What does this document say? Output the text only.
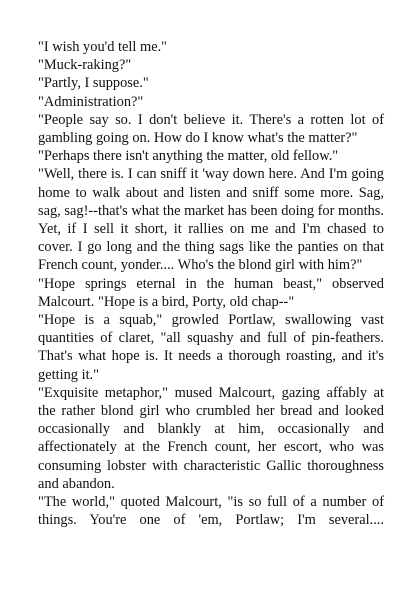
"I wish you'd tell me."

"Muck-raking?"

"Partly, I suppose."

"Administration?"

"People say so. I don't believe it. There's a rotten lot of gambling going on. How do I know what's the matter?"

"Perhaps there isn't anything the matter, old fellow."

"Well, there is. I can sniff it 'way down here. And I'm going home to walk about and listen and sniff some more. Sag, sag, sag!--that's what the market has been doing for months. Yet, if I sell it short, it rallies on me and I'm chased to cover. I go long and the thing sags like the panties on that French count, yonder.... Who's the blond girl with him?"

"Hope springs eternal in the human beast," observed Malcourt. "Hope is a bird, Porty, old chap--"

"Hope is a squab," growled Portlaw, swallowing vast quantities of claret, "all squashy and full of pin-feathers. That's what hope is. It needs a thorough roasting, and it's getting it."

"Exquisite metaphor," mused Malcourt, gazing affably at the rather blond girl who crumbled her bread and looked occasionally and blankly at him, occasionally and affectionately at the French count, her escort, who was consuming lobster with characteristic Gallic thoroughness and abandon.

"The world," quoted Malcourt, "is so full of a number of things. You're one of 'em, Portlaw; I'm several....
